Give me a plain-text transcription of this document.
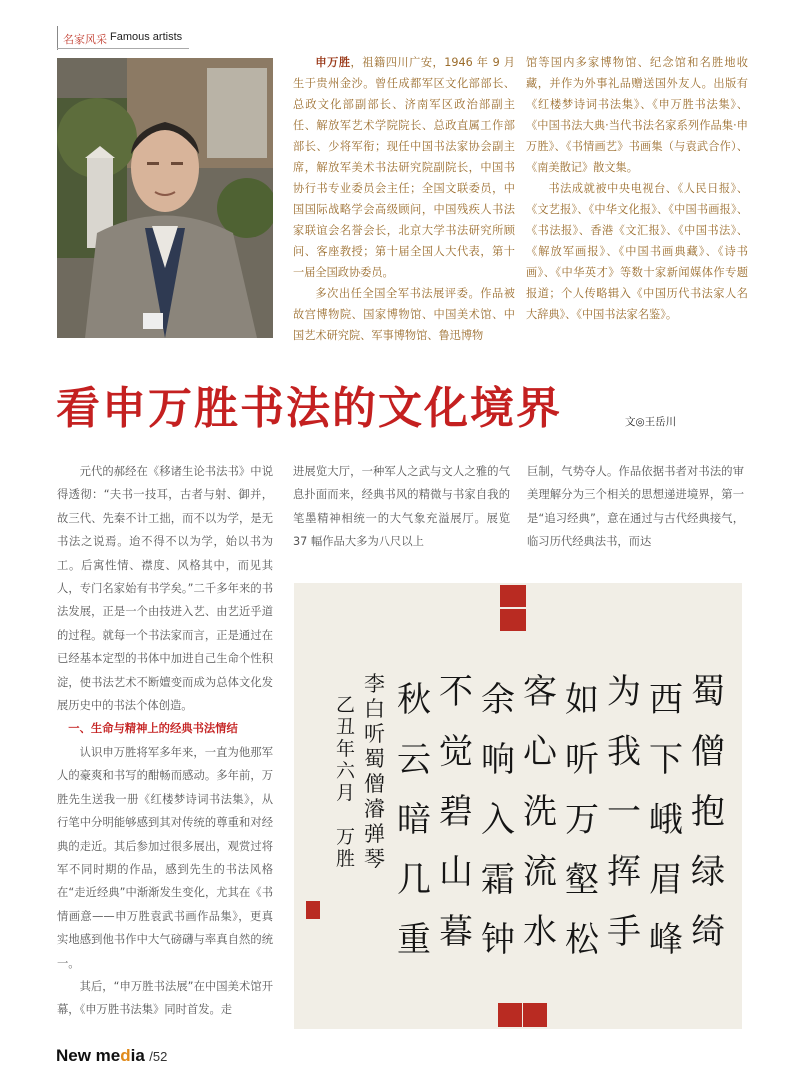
名家风采 Famous artists

申万胜，祖籍四川广安，1946 年 9 月生于贵州金沙。曾任成都军区文化部部长、总政文化部副部长、济南军区政治部副主任、解放军艺术学院院长、总政直属工作部部长、少将军衔；现任中国书法家协会副主席，解放军美术书法研究院副院长，中国书协行书专业委员会主任；全国文联委员，中国国际战略学会高级顾问，中国残疾人书法家联谊会名誉会长，北京大学书法研究所顾问、客座教授；第十届全国人大代表，第十一届全国政协委员。

多次出任全国全军书法展评委。作品被故宫博物院、国家博物馆、中国美术馆、中国艺术研究院、军事博物馆、鲁迅博物

馆等国内多家博物馆、纪念馆和名胜地收藏，并作为外事礼品赠送国外友人。出版有《红楼梦诗词书法集》、《申万胜书法集》、《中国书法大典·当代书法名家系列作品集·申万胜》、《书情画艺》书画集（与袁武合作）、《南美散记》散文集。

书法成就被中央电视台、《人民日报》、《文艺报》、《中华文化报》、《中国书画报》、《书法报》、香港《文汇报》、《中国书法》、《解放军画报》、《中国书画典藏》、《诗书画》、《中华英才》等数十家新闻媒体作专题报道；个人传略辑入《中国历代书法家人名大辞典》、《中国书法家名鉴》。

看申万胜书法的文化境界	文◎王岳川

元代的郝经在《移诸生论书法书》中说得透彻：“夫书一技耳，古者与射、御并，故三代、先秦不计工拙，而不以为学，是无书法之说焉。迨不得不以为学，始以书为工。后寓性情、襟度、风格其中，而见其人，专门名家始有书学矣。”二千多年来的书法发展，正是一个由技进入艺、由艺近乎道的过程。就每一个书法家而言，正是通过在已经基本定型的书体中加进自己生命个性积淀，使书法艺术不断嬗变而成为总体文化发展历史中的书法个体创造。

一、生命与精神上的经典书法情结

认识申万胜将军多年来，一直为他那军人的豪爽和书写的酣畅而感动。多年前，万胜先生送我一册《红楼梦诗词书法集》，从行笔中分明能够感到其对传统的尊重和对经典的走近。其后参加过很多展出，观赏过将军不同时期的作品，感到先生的书法风格在“走近经典”中渐渐发生变化，尤其在《书情画意——申万胜袁武书画作品集》，更真实地感到他书作中大气磅礴与率真自然的统一。

其后，“申万胜书法展”在中国美术馆开幕，《申万胜书法集》同时首发。走

进展览大厅，一种军人之武与文人之雅的气息扑面而来，经典书风的精微与书家自我的笔墨精神相统一的大气象充溢展厅。展览 37 幅作品大多为八尺以上

巨制，气势夺人。作品依据书者对书法的审美理解分为三个相关的思想递进境界，第一是“追习经典”，意在通过与古代经典接气，临习历代经典法书，而达

蜀
僧
抱
绿
绮
西
下
峨
眉
峰
为
我
一
挥
手
如
听
万
壑
松
客
心
洗
流
水
余
响
入
霜
钟
不
觉
碧
山
暮
秋
云
暗
几
重
李白听蜀僧濬弹琴
乙丑年六月 万胜
New media /52
